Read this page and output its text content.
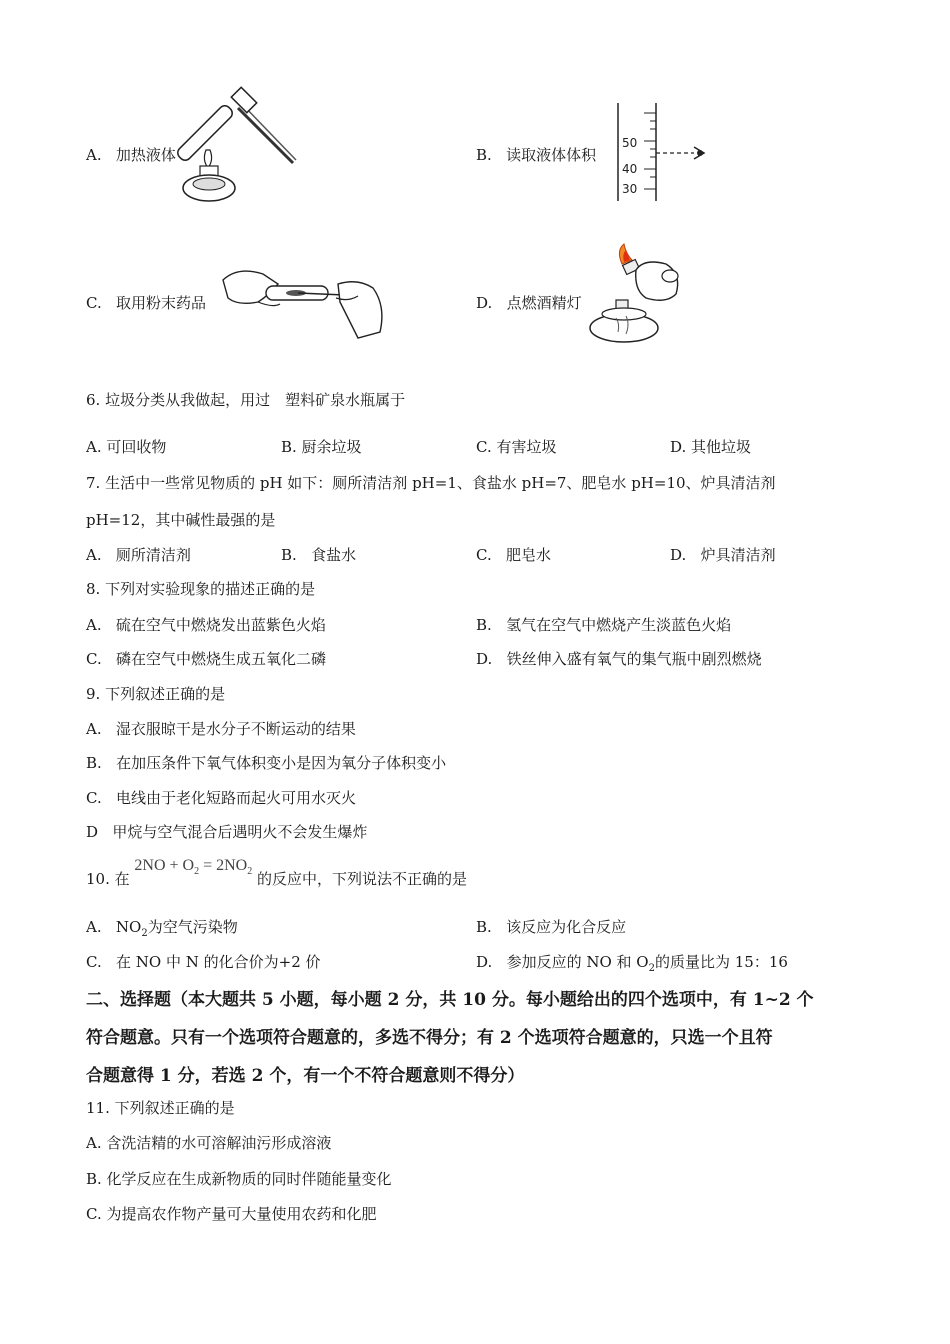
A. 加热液体	B. 读取液体体积
50
40
30
C. 取用粉末药品	D. 点燃酒精灯
6. 垃圾分类从我做起，用过　塑料矿泉水瓶属于
A. 可回收物	B. 厨余垃圾	C. 有害垃圾	D. 其他垃圾
7. 生活中一些常见物质的 pH 如下：厕所清洁剂 pH=1、食盐水 pH=7、肥皂水 pH=10、炉具清洁剂
pH=12，其中碱性最强的是
A. 厕所清洁剂	B. 食盐水	C. 肥皂水	D. 炉具清洁剂
8. 下列对实验现象的描述正确的是
A. 硫在空气中燃烧发出蓝紫色火焰	B. 氢气在空气中燃烧产生淡蓝色火焰
C. 磷在空气中燃烧生成五氧化二磷	D. 铁丝伸入盛有氧气的集气瓶中剧烈燃烧
9. 下列叙述正确的是
A. 湿衣服晾干是水分子不断运动的结果
B. 在加压条件下氧气体积变小是因为氧分子体积变小
C. 电线由于老化短路而起火可用水灭火
D 甲烷与空气混合后遇明火不会发生爆炸
10. 在 $2NO + O_2 = 2NO_2$ 的反应中，下列说法不正确的是
A. $NO_2$为空气污染物	B. 该反应为化合反应
C. 在 NO 中 N 的化合价为+2 价	D. 参加反应的 NO 和 $O_2$的质量比为 15：16
二、选择题（本大题共 5 小题，每小题 2 分，共 10 分。每小题给出的四个选项中，有 1~2 个
符合题意。只有一个选项符合题意的，多选不得分；有 2 个选项符合题意的，只选一个且符
合题意得 1 分，若选 2 个，有一个不符合题意则不得分）
11. 下列叙述正确的是
A. 含洗洁精的水可溶解油污形成溶液
B. 化学反应在生成新物质的同时伴随能量变化
C. 为提高农作物产量可大量使用农药和化肥
